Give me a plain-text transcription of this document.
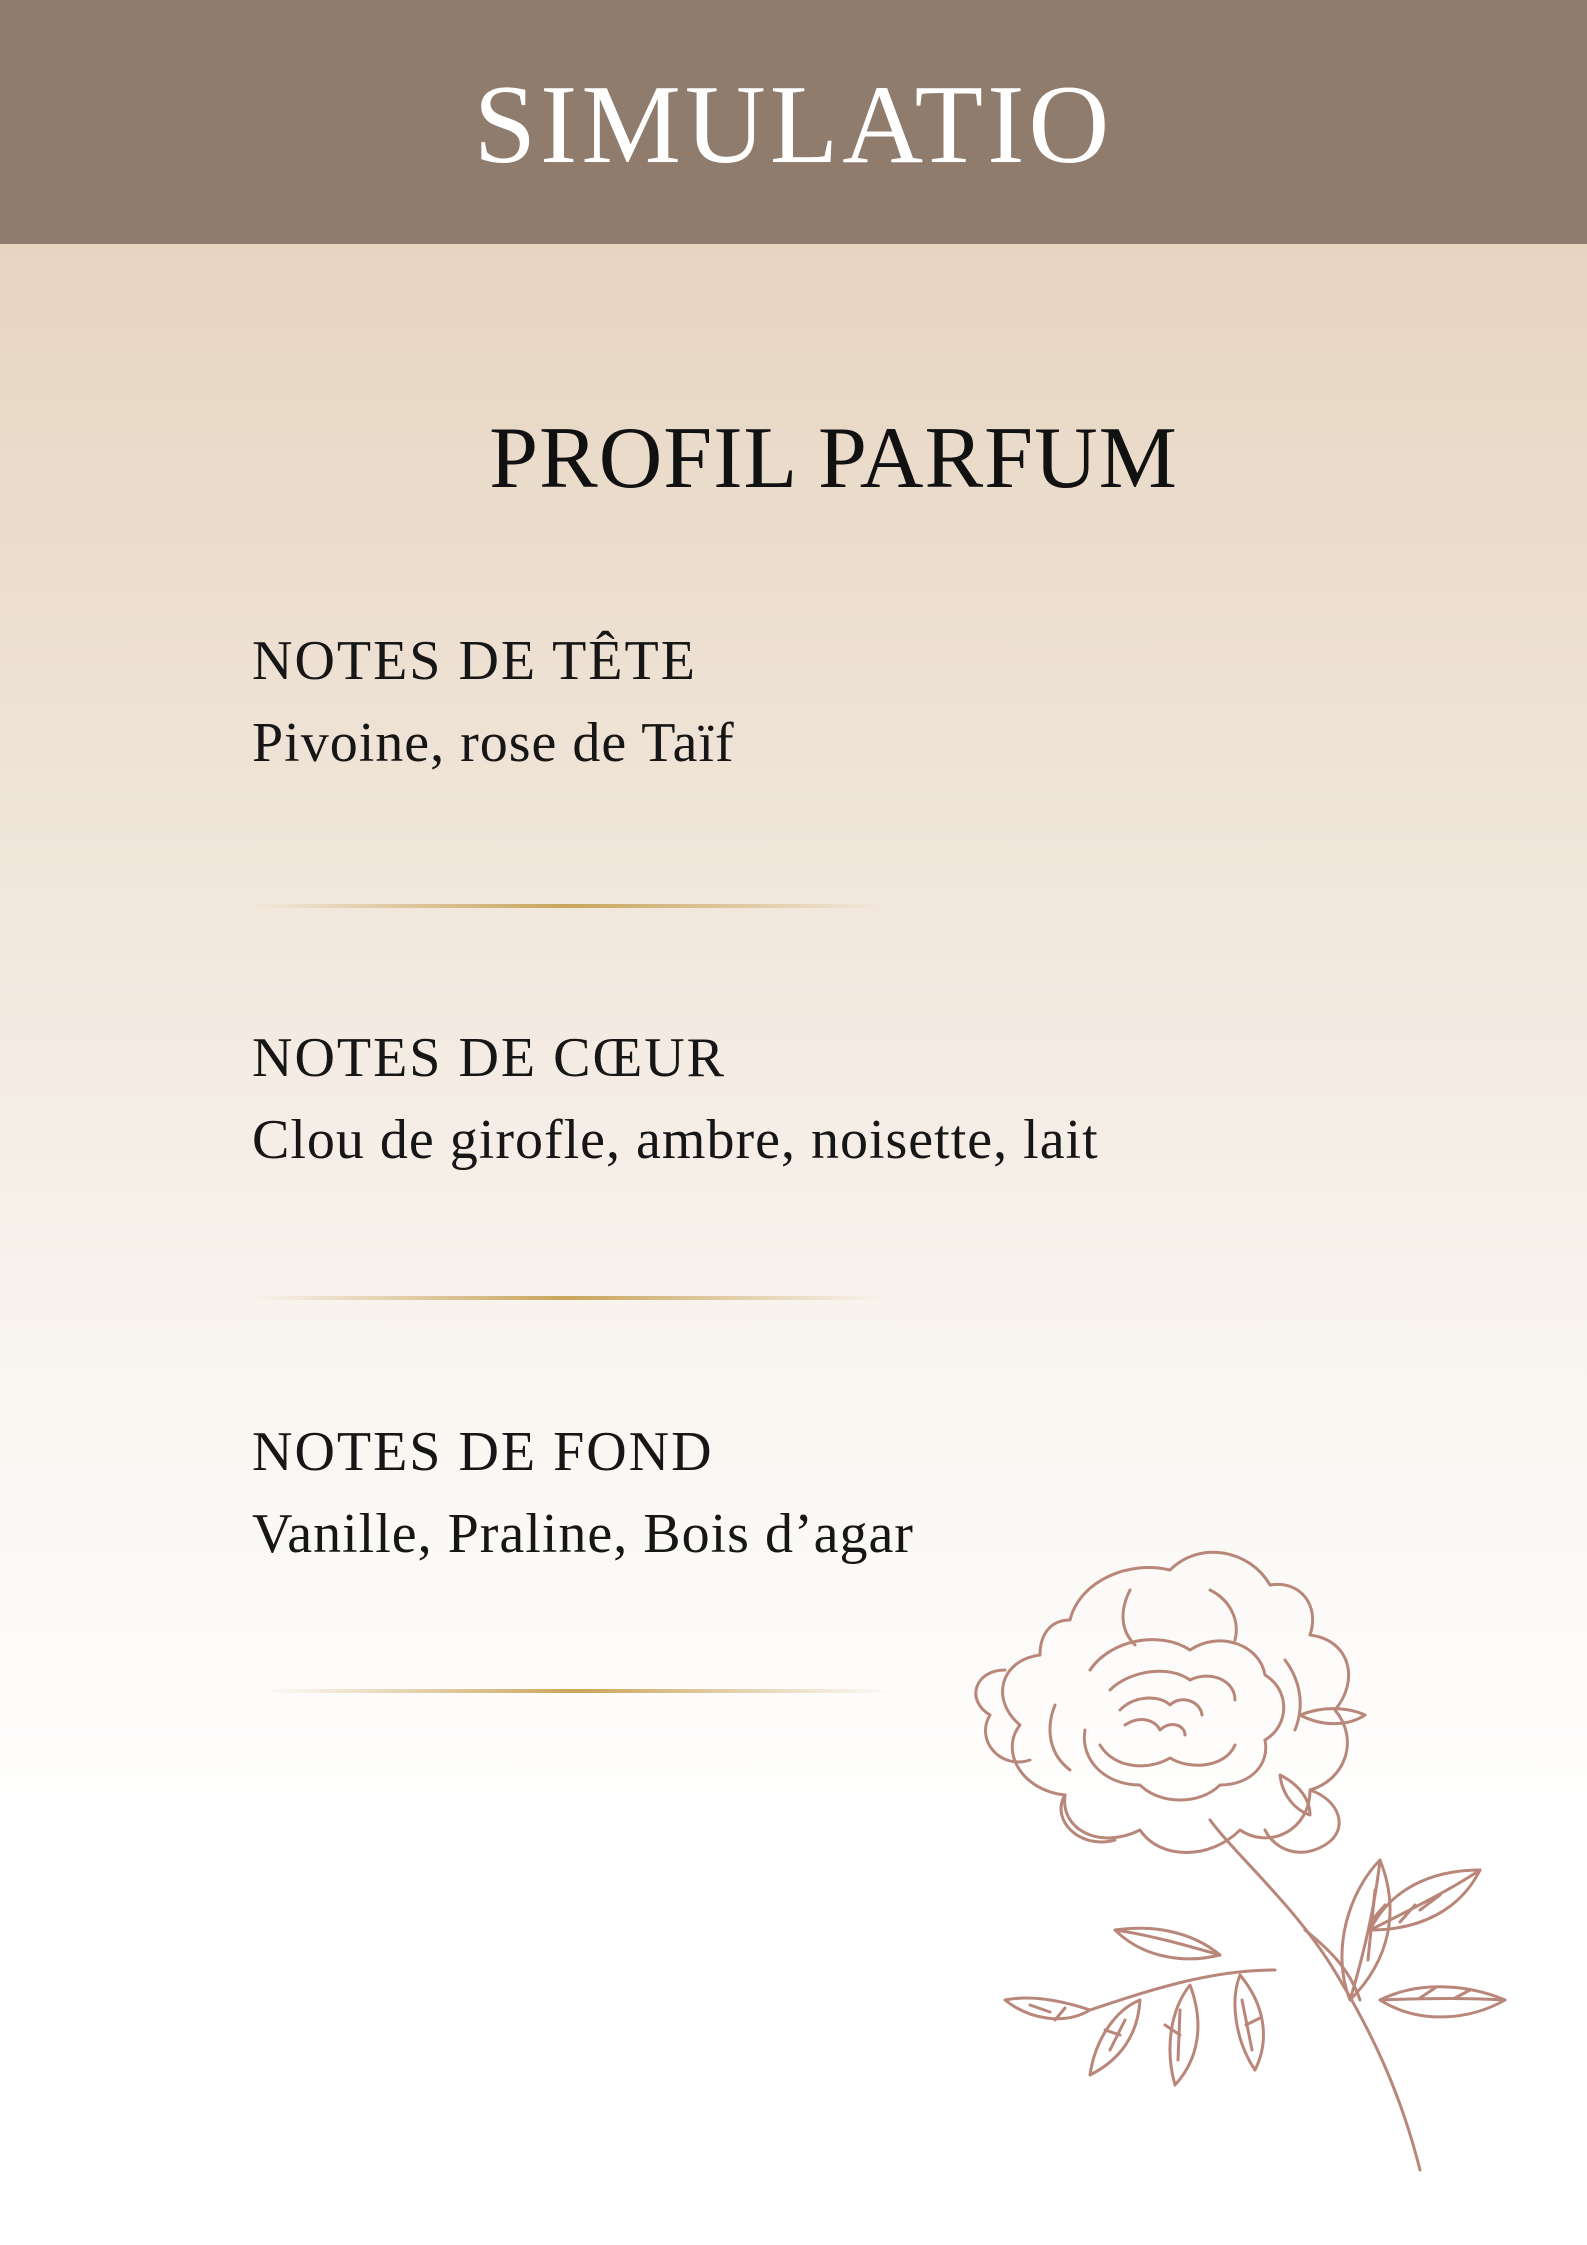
SIMULATIO
PROFIL PARFUM
NOTES DE TÊTE
Pivoine, rose de Taïf
NOTES DE CŒUR
Clou de girofle, ambre, noisette, lait
NOTES DE FOND
Vanille, Praline, Bois d’agar
